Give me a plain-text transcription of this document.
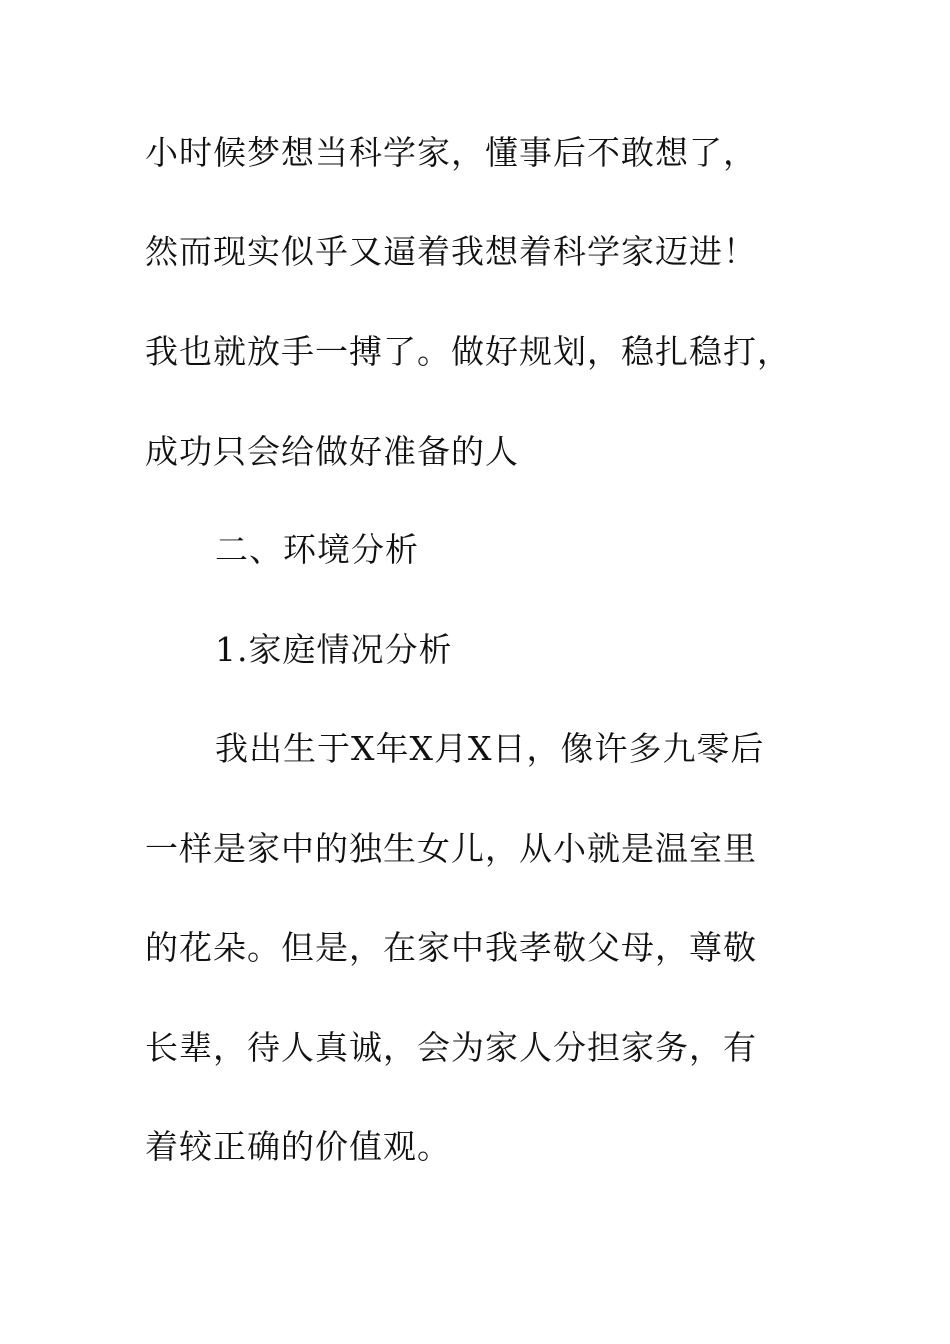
小时候梦想当科学家，懂事后不敢想了，
然而现实似乎又逼着我想着科学家迈进！
我也就放手一搏了。做好规划，稳扎稳打，
成功只会给做好准备的人
二、环境分析
1.家庭情况分析
我出生于X年X月X日，像许多九零后
一样是家中的独生女儿，从小就是温室里
的花朵。但是，在家中我孝敬父母，尊敬
长辈，待人真诚，会为家人分担家务，有
着较正确的价值观。
